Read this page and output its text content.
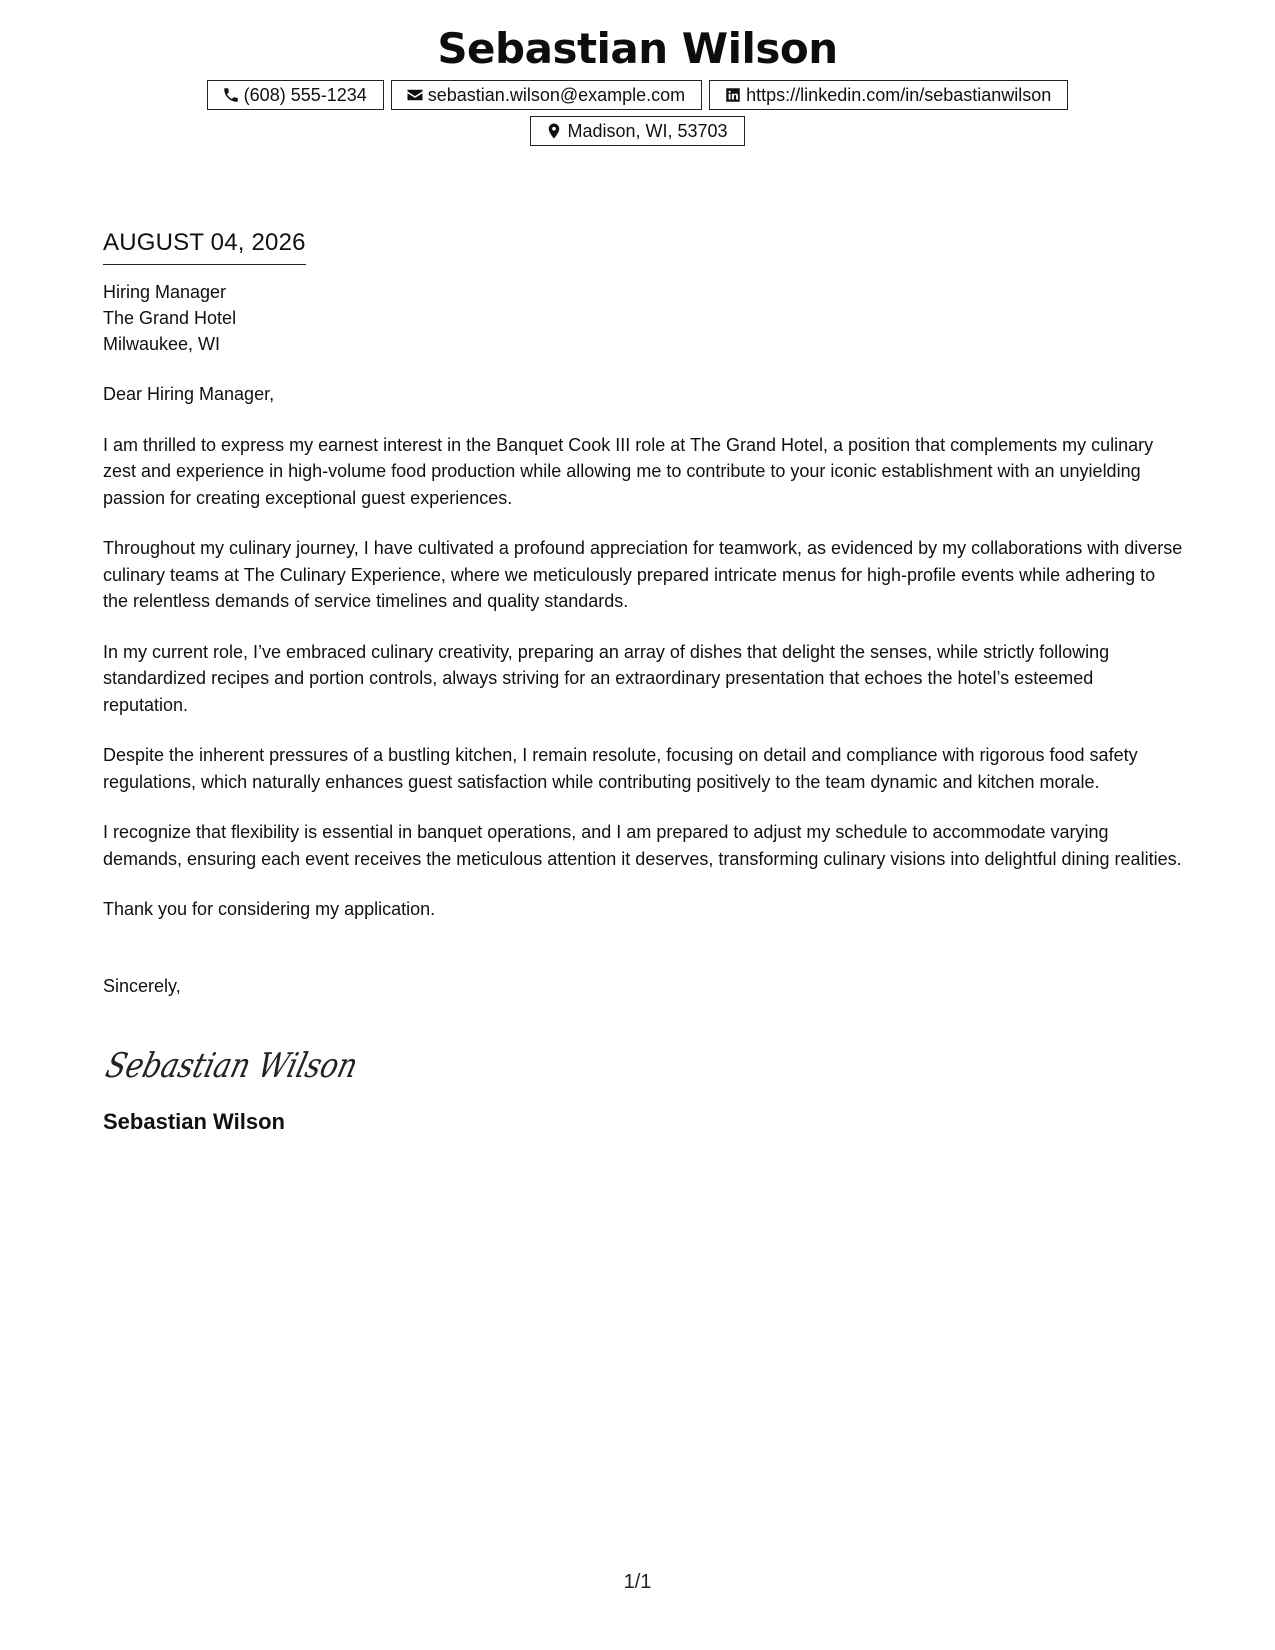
Sebastian Wilson
(608) 555-1234	sebastian.wilson@example.com	https://linkedin.com/in/sebastianwilson
Madison, WI, 53703
AUGUST 04, 2026
Hiring Manager
The Grand Hotel
Milwaukee, WI
Dear Hiring Manager,

I am thrilled to express my earnest interest in the Banquet Cook III role at The Grand Hotel, a position that complements my culinary zest and experience in high-volume food production while allowing me to contribute to your iconic establishment with an unyielding passion for creating exceptional guest experiences.

Throughout my culinary journey, I have cultivated a profound appreciation for teamwork, as evidenced by my collaborations with diverse culinary teams at The Culinary Experience, where we meticulously prepared intricate menus for high-profile events while adhering to the relentless demands of service timelines and quality standards.

In my current role, I’ve embraced culinary creativity, preparing an array of dishes that delight the senses, while strictly following standardized recipes and portion controls, always striving for an extraordinary presentation that echoes the hotel’s esteemed reputation.

Despite the inherent pressures of a bustling kitchen, I remain resolute, focusing on detail and compliance with rigorous food safety regulations, which naturally enhances guest satisfaction while contributing positively to the team dynamic and kitchen morale.

I recognize that flexibility is essential in banquet operations, and I am prepared to adjust my schedule to accommodate varying demands, ensuring each event receives the meticulous attention it deserves, transforming culinary visions into delightful dining realities.

Thank you for considering my application.

Sincerely,
Sebastian Wilson
Sebastian Wilson
1/1
